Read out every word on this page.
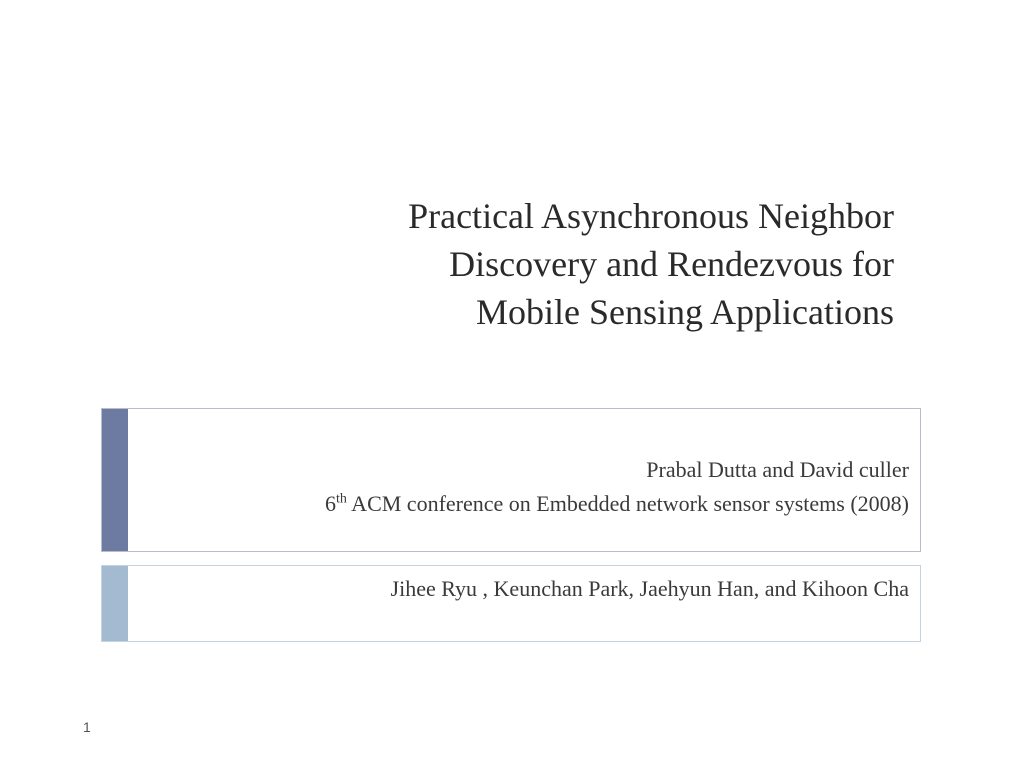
Practical Asynchronous Neighbor
Discovery and Rendezvous for
Mobile Sensing Applications
Prabal Dutta and David culler
6th ACM conference on Embedded network sensor systems (2008)
Jihee Ryu , Keunchan Park, Jaehyun Han, and Kihoon Cha
1
